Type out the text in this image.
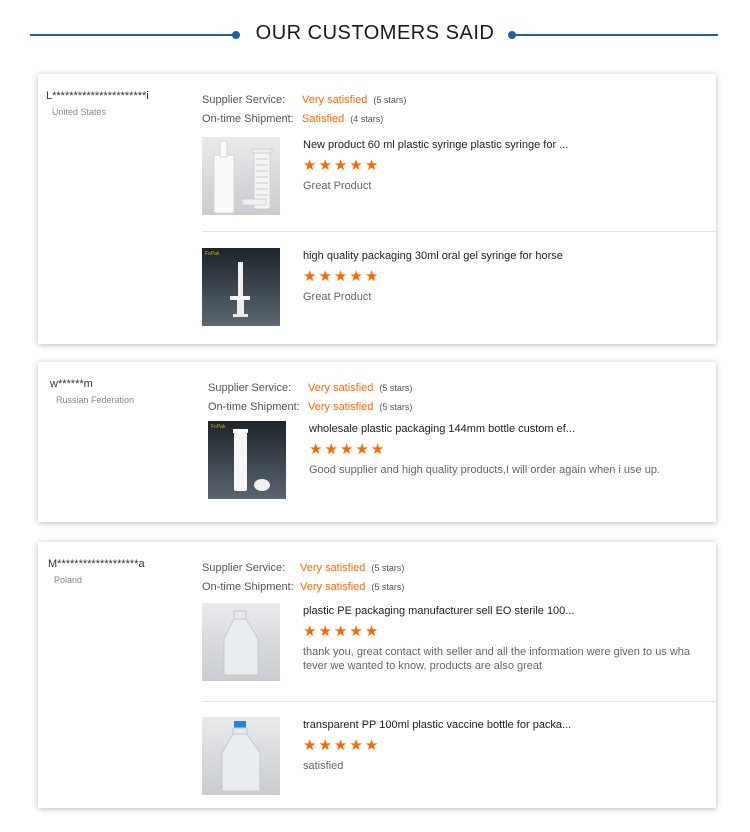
OUR CUSTOMERS SAID
L**********************i
United States
Supplier Service:	Very satisfied (5 stars)
On-time Shipment: Satisfied (4 stars)
New product 60 ml plastic syringe plastic syringe for ...
★ ★ ★ ★ ★
Great Product
FoPak	high quality packaging 30ml oral gel syringe for horse
★ ★ ★ ★ ★
Great Product
w******m
Russian Federation
Supplier Service:	Very satisfied (5 stars)
On-time Shipment: Very satisfied (5 stars)
FoPak	wholesale plastic packaging 144mm bottle custom ef...
★ ★ ★ ★ ★
Good supplier and high quality products,I will order again when i use up.
M*******************a
Poland
Supplier Service:	Very satisfied (5 stars)
On-time Shipment: Very satisfied (5 stars)
plastic PE packaging manufacturer sell EO sterile 100...
★ ★ ★ ★ ★
thank you, great contact with seller and all the information were given to us whatever we wanted to know, products are also great
transparent PP 100ml plastic vaccine bottle for packa...
★ ★ ★ ★ ★
satisfied
